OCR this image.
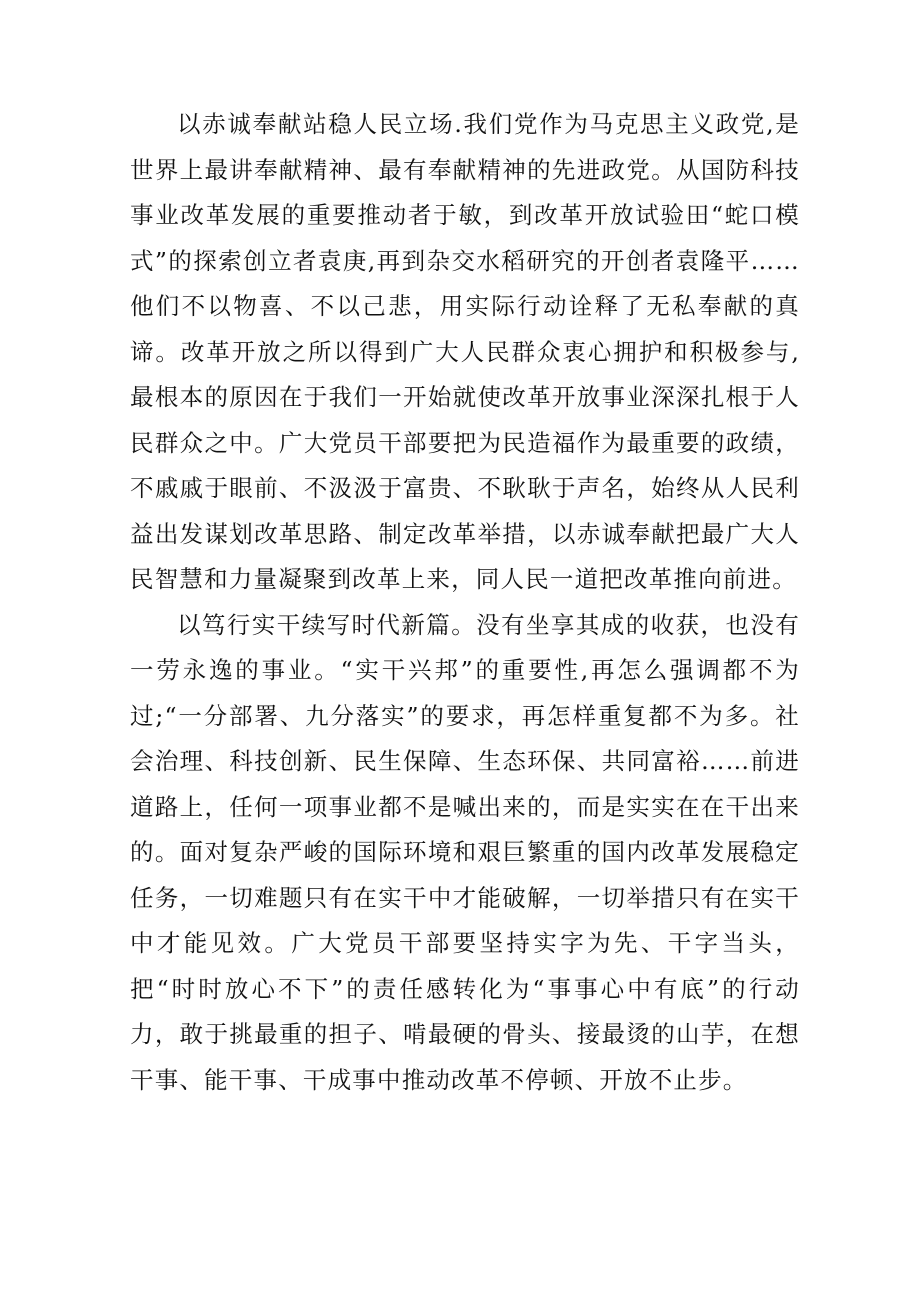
以赤诚奉献站稳人民立场.我们党作为马克思主义政党,是世界上最讲奉献精神、最有奉献精神的先进政党。从国防科技事业改革发展的重要推动者于敏，到改革开放试验田“蛇口模式”的探索创立者袁庚,再到杂交水稻研究的开创者袁隆平……他们不以物喜、不以己悲，用实际行动诠释了无私奉献的真谛。改革开放之所以得到广大人民群众衷心拥护和积极参与,最根本的原因在于我们一开始就使改革开放事业深深扎根于人民群众之中。广大党员干部要把为民造福作为最重要的政绩，不戚戚于眼前、不汲汲于富贵、不耿耿于声名，始终从人民利益出发谋划改革思路、制定改革举措，以赤诚奉献把最广大人民智慧和力量凝聚到改革上来，同人民一道把改革推向前进。

以笃行实干续写时代新篇。没有坐享其成的收获，也没有一劳永逸的事业。“实干兴邦”的重要性,再怎么强调都不为过;“一分部署、九分落实”的要求，再怎样重复都不为多。社会治理、科技创新、民生保障、生态环保、共同富裕……前进道路上，任何一项事业都不是喊出来的，而是实实在在干出来的。面对复杂严峻的国际环境和艰巨繁重的国内改革发展稳定任务，一切难题只有在实干中才能破解，一切举措只有在实干中才能见效。广大党员干部要坚持实字为先、干字当头，把“时时放心不下”的责任感转化为“事事心中有底”的行动力，敢于挑最重的担子、啃最硬的骨头、接最烫的山芋，在想干事、能干事、干成事中推动改革不停顿、开放不止步。
